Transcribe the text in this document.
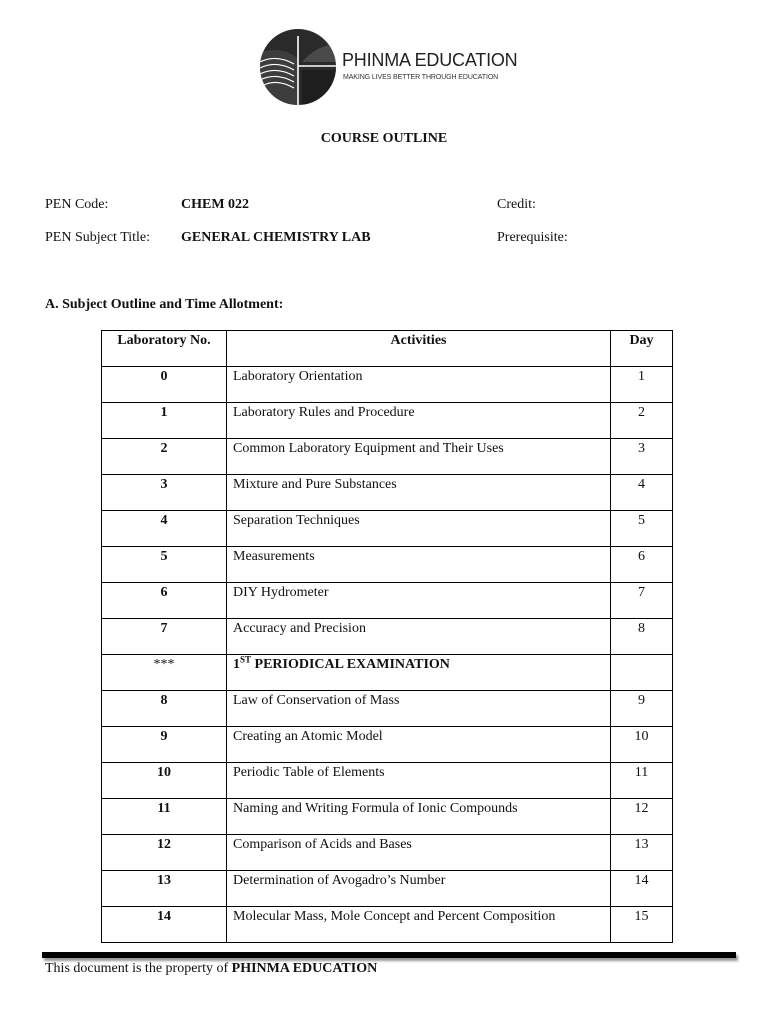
PHINMA EDUCATION
MAKING LIVES BETTER THROUGH EDUCATION
COURSE OUTLINE
PEN Code:	CHEM 022	Credit:
PEN Subject Title: GENERAL CHEMISTRY LAB	Prerequisite:
A. Subject Outline and Time Allotment:
Laboratory No.	Activities	Day
0	Laboratory Orientation	1
1	Laboratory Rules and Procedure	2
2	Common Laboratory Equipment and Their Uses	3
3	Mixture and Pure Substances	4
4	Separation Techniques	5
5	Measurements	6
6	DIY Hydrometer	7
7	Accuracy and Precision	8
***	1ST PERIODICAL EXAMINATION	
8	Law of Conservation of Mass	9
9	Creating an Atomic Model	10
10	Periodic Table of Elements	11
11	Naming and Writing Formula of Ionic Compounds	12
12	Comparison of Acids and Bases	13
13	Determination of Avogadro’s Number	14
14	Molecular Mass, Mole Concept and Percent Composition	15
This document is the property of PHINMA EDUCATION
